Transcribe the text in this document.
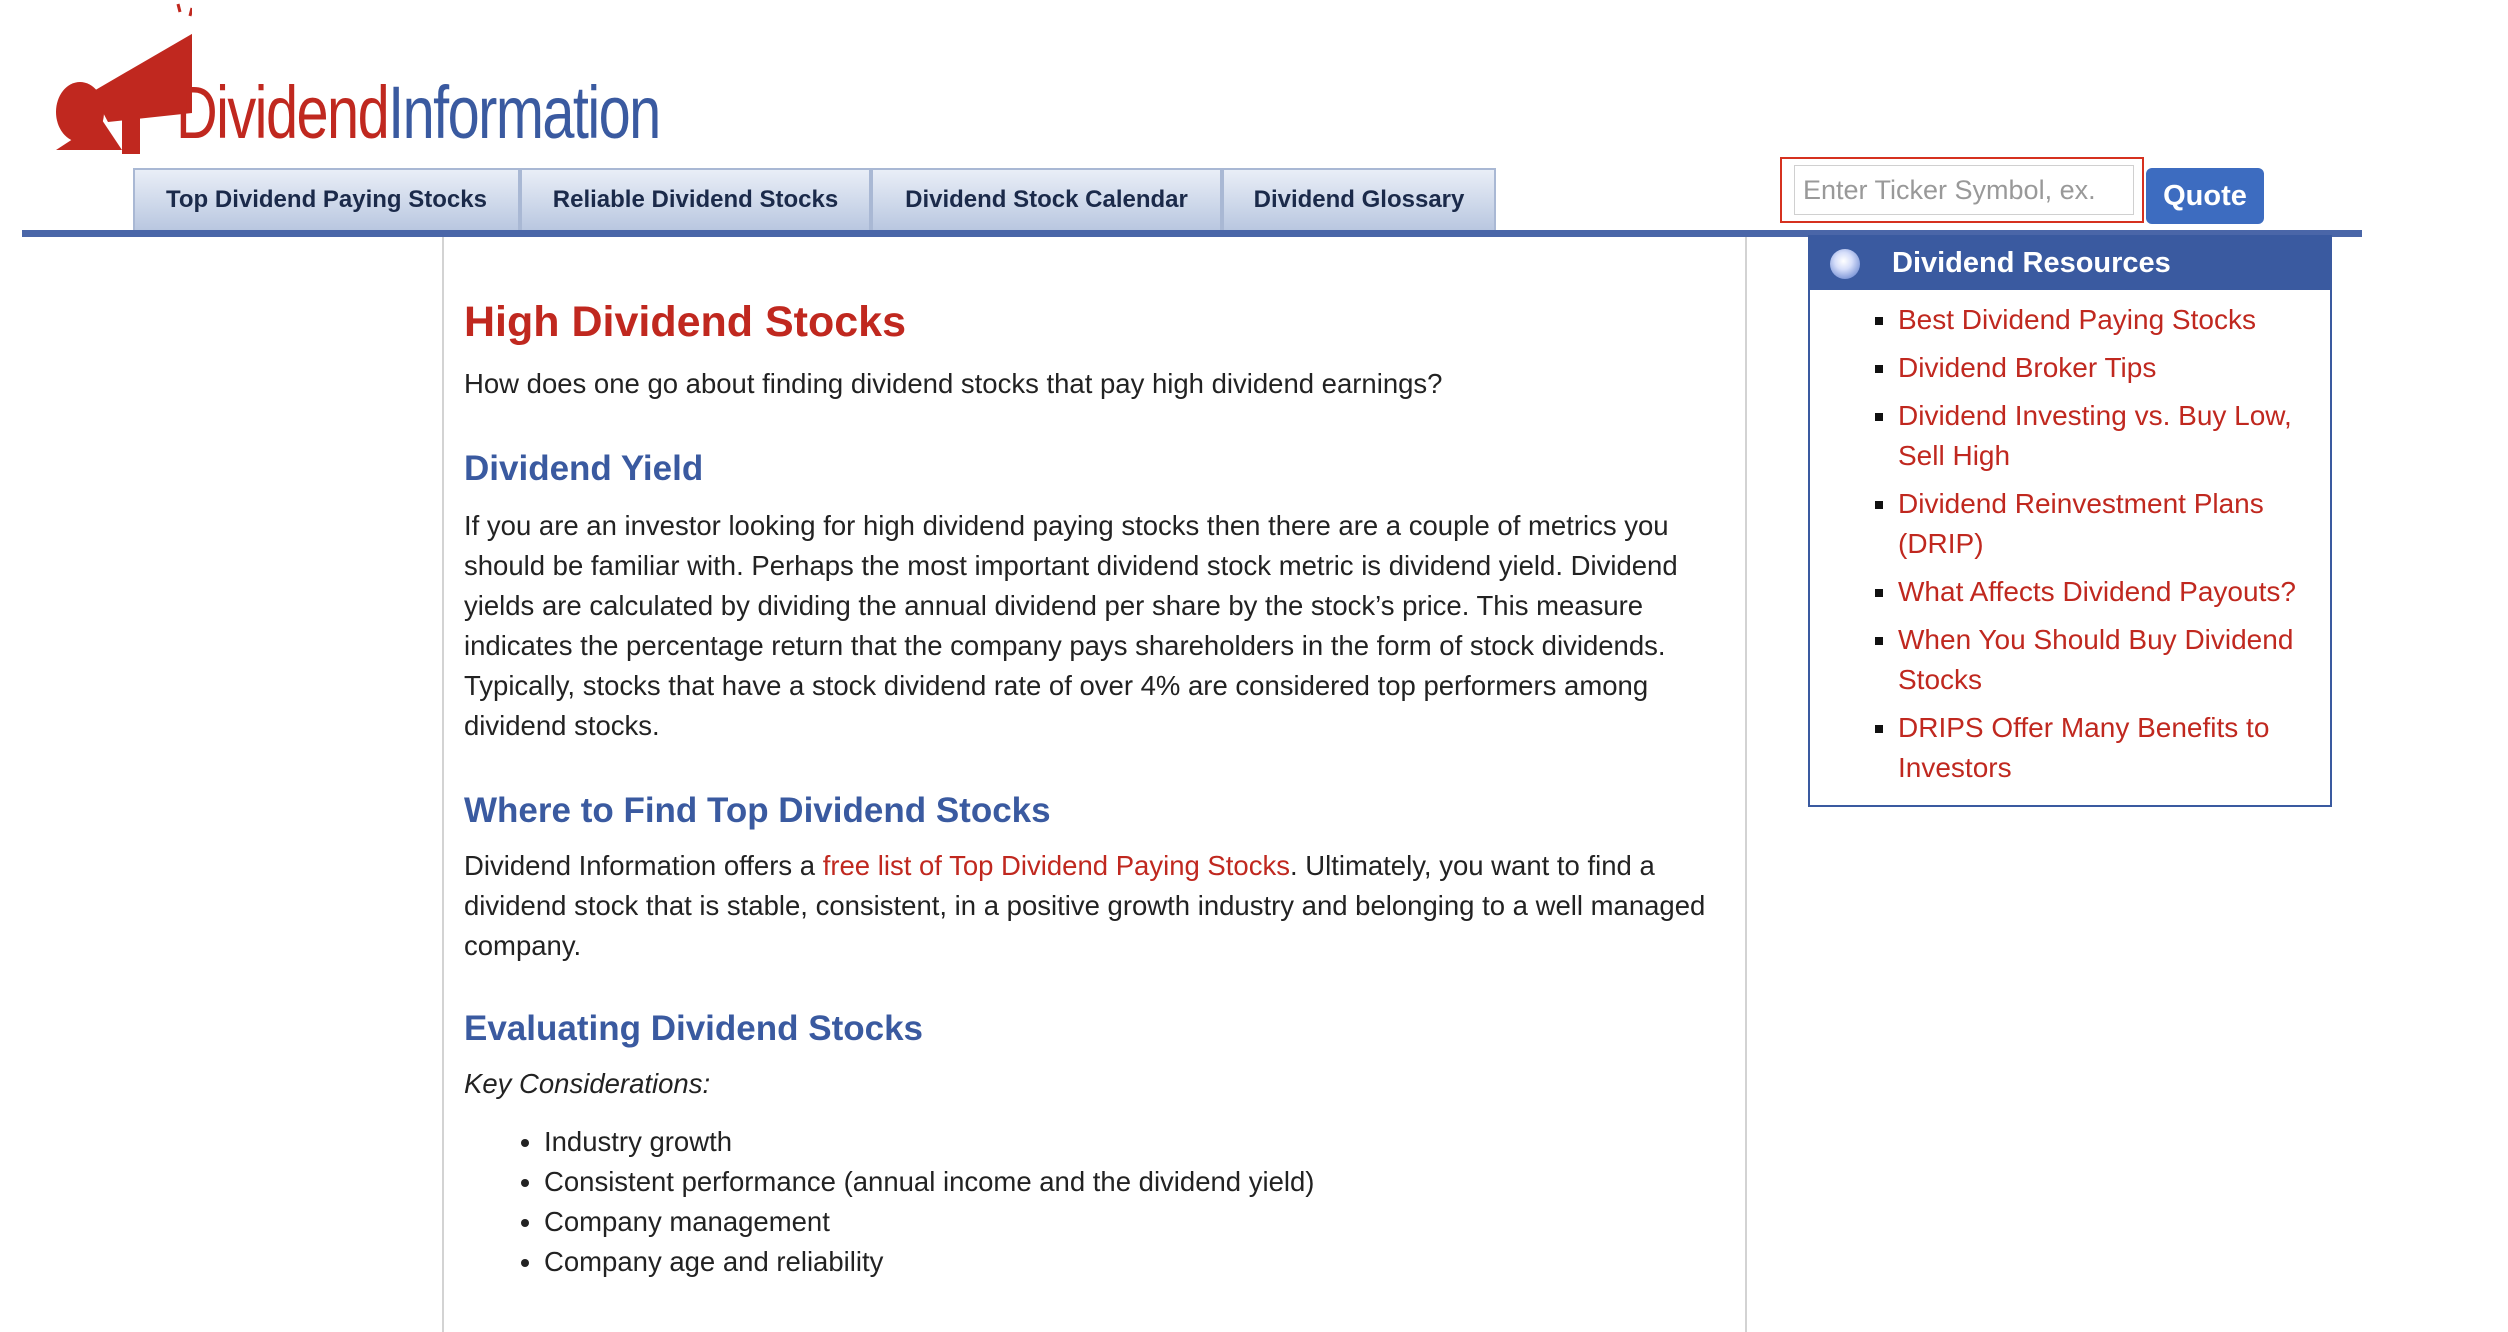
DividendInformation
Top Dividend Paying Stocks	Reliable Dividend Stocks	Dividend Stock Calendar	Dividend Glossary
Enter Ticker Symbol, ex.	Quote
High Dividend Stocks

How does one go about finding dividend stocks that pay high dividend earnings?

Dividend Yield

If you are an investor looking for high dividend paying stocks then there are a couple of metrics you should be familiar with. Perhaps the most important dividend stock metric is dividend yield. Dividend yields are calculated by dividing the annual dividend per share by the stock’s price. This measure indicates the percentage return that the company pays shareholders in the form of stock dividends. Typically, stocks that have a stock dividend rate of over 4% are considered top performers among dividend stocks.

Where to Find Top Dividend Stocks

Dividend Information offers a free list of Top Dividend Paying Stocks. Ultimately, you want to find a dividend stock that is stable, consistent, in a positive growth industry and belonging to a well managed company.

Evaluating Dividend Stocks

Key Considerations:

• Industry growth
• Consistent performance (annual income and the dividend yield)
• Company management
• Company age and reliability
Dividend Resources
▪ Best Dividend Paying Stocks
▪ Dividend Broker Tips
▪ Dividend Investing vs. Buy Low, Sell High
▪ Dividend Reinvestment Plans (DRIP)
▪ What Affects Dividend Payouts?
▪ When You Should Buy Dividend Stocks
▪ DRIPS Offer Many Benefits to Investors
